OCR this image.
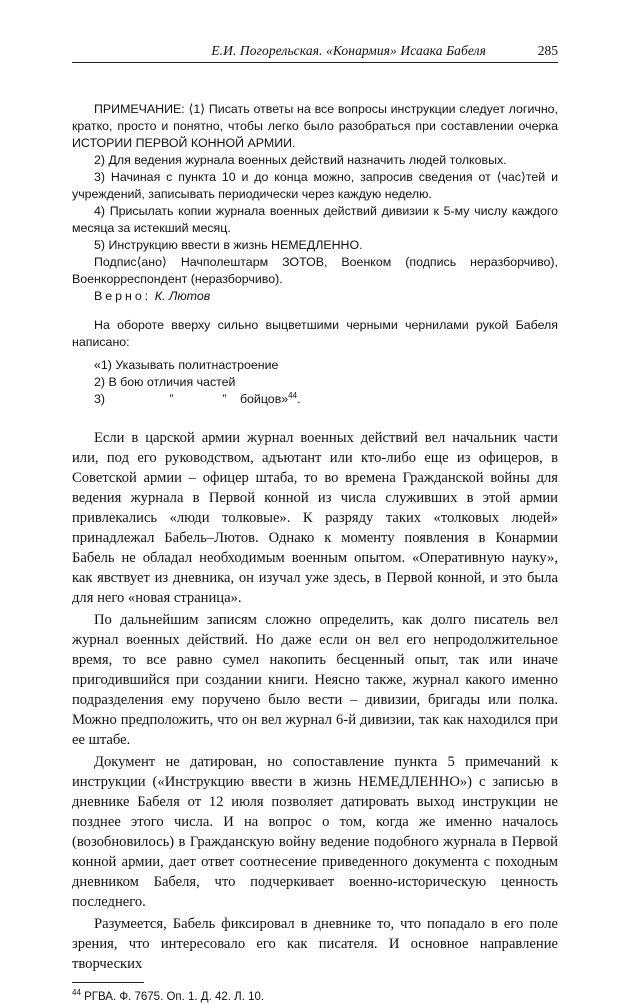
Е.И. Погорельская. «Конармия» Исаака Бабеля	285

ПРИМЕЧАНИЕ: ⟨1⟩ Писать ответы на все вопросы инструкции следует логично, кратко, просто и понятно, чтобы легко было разобраться при составлении очерка ИСТОРИИ ПЕРВОЙ КОННОЙ АРМИИ.

2) Для ведения журнала военных действий назначить людей толковых.

3) Начиная с пункта 10 и до конца можно, запросив сведения от ⟨час⟩тей и учреждений, записывать периодически через каждую неделю.

4) Присылать копии журнала военных действий дивизии к 5-му числу каждого месяца за истекший месяц.

5) Инструкцию ввести в жизнь НЕМЕДЛЕННО.

Подпис⟨ано⟩ Начполештарм ЗОТОВ, Военком (подпись неразборчиво), Военкорреспондент (неразборчиво).

Верно: К. Лютов

На обороте вверху сильно выцветшими черными чернилами рукой Бабеля написано:

«1) Указывать политнастроение

2) В бою отличия частей

3)	”	” бойцов»$^{44}$.

Если в царской армии журнал военных действий вел начальник части или, под его руководством, адъютант или кто-либо еще из офицеров, в Советской армии – офицер штаба, то во времена Гражданской войны для ведения журнала в Первой конной из числа служивших в этой армии привлекались «люди толковые». К разряду таких «толковых людей» принадлежал Бабель–Лютов. Однако к моменту появления в Конармии Бабель не обладал необходимым военным опытом. «Оперативную науку», как явствует из дневника, он изучал уже здесь, в Первой конной, и это была для него «новая страница».

По дальнейшим записям сложно определить, как долго писатель вел журнал военных действий. Но даже если он вел его непродолжительное время, то все равно сумел накопить бесценный опыт, так или иначе пригодившийся при создании книги. Неясно также, журнал какого именно подразделения ему поручено было вести – дивизии, бригады или полка. Можно предположить, что он вел журнал 6-й дивизии, так как находился при ее штабе.

Документ не датирован, но сопоставление пункта 5 примечаний к инструкции («Инструкцию ввести в жизнь НЕМЕДЛЕННО») с записью в дневнике Бабеля от 12 июля позволяет датировать выход инструкции не позднее этого числа. И на вопрос о том, когда же именно началось (возобновилось) в Гражданскую войну ведение подобного журнала в Первой конной армии, дает ответ соотнесение приведенного документа с походным дневником Бабеля, что подчеркивает военно-историческую ценность последнего.

Разумеется, Бабель фиксировал в дневнике то, что попадало в его поле зрения, что интересовало его как писателя. И основное направление творческих

$^{44}$ РГВА. Ф. 7675. Оп. 1. Д. 42. Л. 10.
